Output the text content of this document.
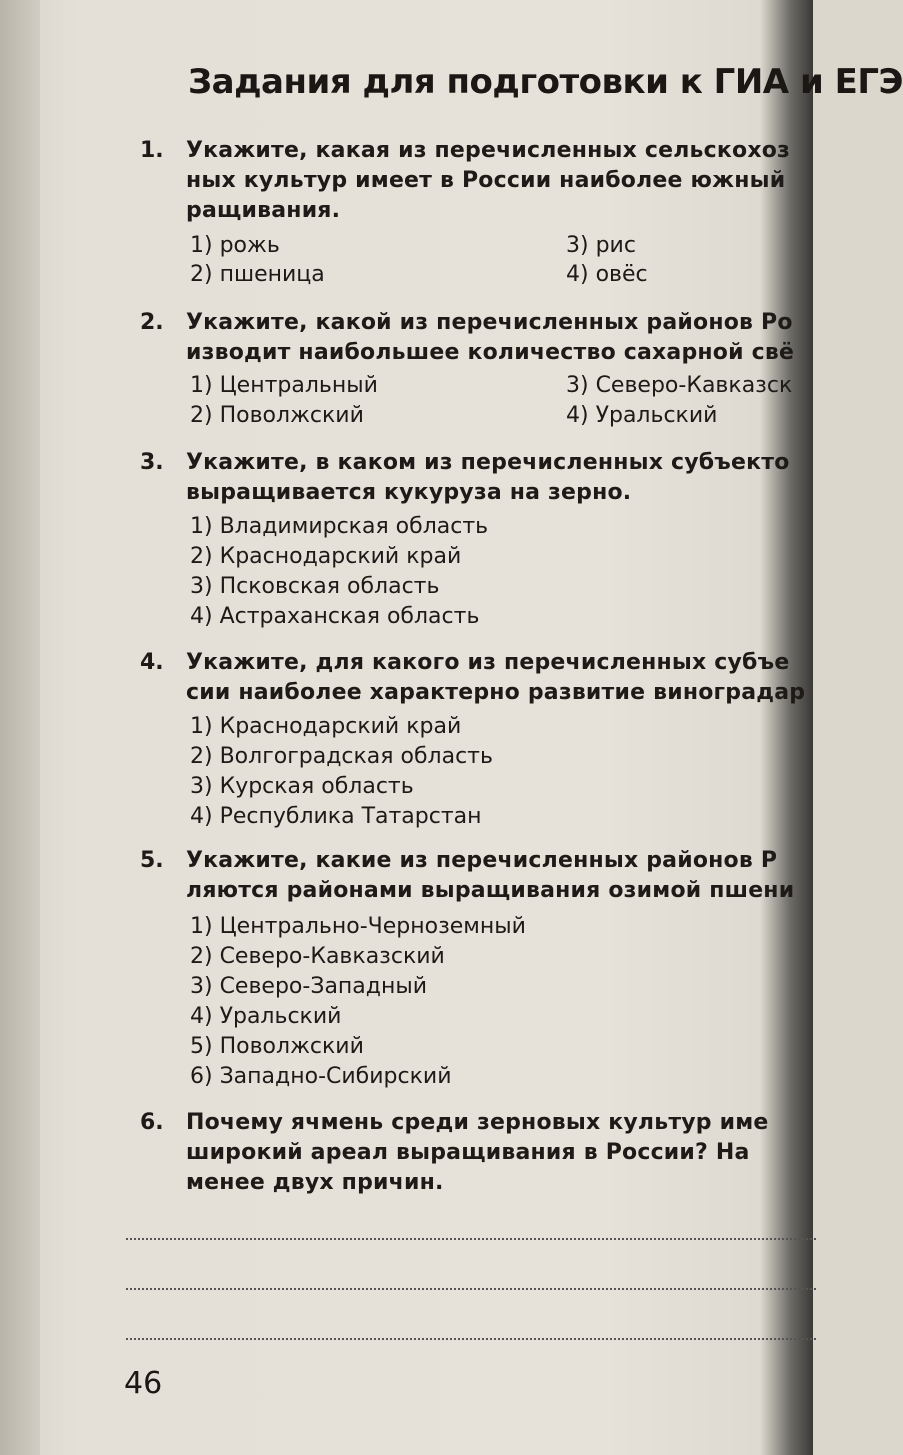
Задания для подготовки к ГИА и ЕГЭ
1. Укажите, какая из перечисленных сельскохоз
ных культур имеет в России наиболее южный
ращивания.
1) рожь
2) пшеница
3) рис
4) овёс
2. Укажите, какой из перечисленных районов Ро
изводит наибольшее количество сахарной свё
1) Центральный
2) Поволжский
3) Северо-Кавказск
4) Уральский
3. Укажите, в каком из перечисленных субъекто
выращивается кукуруза на зерно.
1) Владимирская область
2) Краснодарский край
3) Псковская область
4) Астраханская область
4. Укажите, для какого из перечисленных субъе
сии наиболее характерно развитие виноградар
1) Краснодарский край
2) Волгоградская область
3) Курская область
4) Республика Татарстан
5. Укажите, какие из перечисленных районов Р
ляются районами выращивания озимой пшени
1) Центрально-Черноземный
2) Северо-Кавказский
3) Северо-Западный
4) Уральский
5) Поволжский
6) Западно-Сибирский
6. Почему ячмень среди зерновых культур име
широкий ареал выращивания в России? На
менее двух причин.
46
